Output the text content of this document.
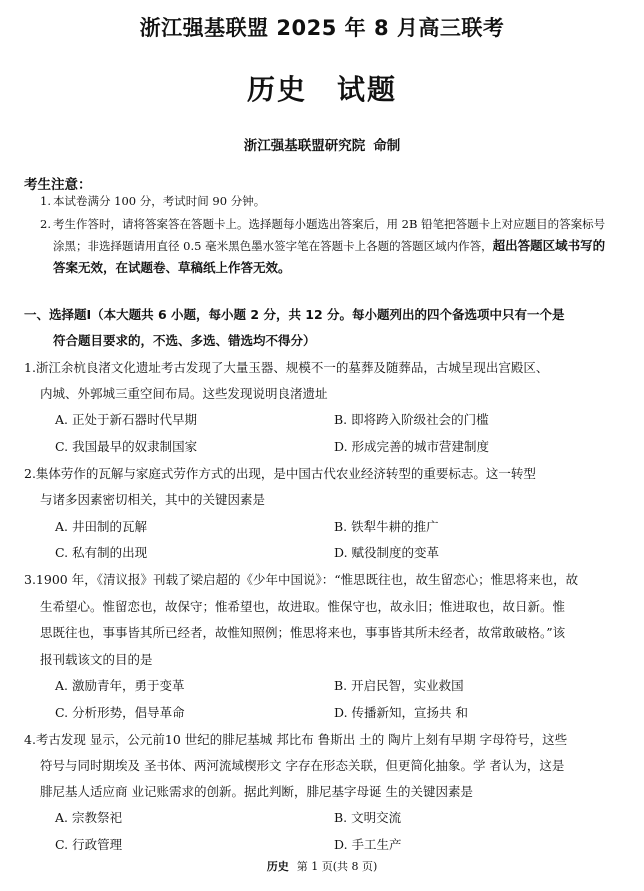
浙江强基联盟 2025 年 8 月高三联考
历史　试题
浙江强基联盟研究院 命制
考生注意：
1. 本试卷满分 100 分，考试时间 90 分钟。
2. 考生作答时，请将答案答在答题卡上。选择题每小题选出答案后，用 2B 铅笔把答题卡上对应题目的答案标号涂黑；非选择题请用直径 0.5 毫米黑色墨水签字笔在答题卡上各题的答题区域内作答，超出答题区域书写的答案无效，在试题卷、草稿纸上作答无效。
一、选择题Ⅰ（本大题共 6 小题，每小题 2 分，共 12 分。每小题列出的四个备选项中只有一个是
符合题目要求的，不选、多选、错选均不得分）
1.浙江余杭良渚文化遗址考古发现了大量玉器、规模不一的墓葬及随葬品，古城呈现出宫殿区、
内城、外郭城三重空间布局。这些发现说明良渚遗址
A. 正处于新石器时代早期	B. 即将跨入阶级社会的门槛
C. 我国最早的奴隶制国家	D. 形成完善的城市营建制度
2.集体劳作的瓦解与家庭式劳作方式的出现，是中国古代农业经济转型的重要标志。这一转型
与诸多因素密切相关，其中的关键因素是
A. 井田制的瓦解	B. 铁犁牛耕的推广
C. 私有制的出现	D. 赋役制度的变革
3.1900 年，《清议报》刊载了梁启超的《少年中国说》：“惟思既往也，故生留恋心；惟思将来也，故
生希望心。惟留恋也，故保守；惟希望也，故进取。惟保守也，故永旧；惟进取也，故日新。惟
思既往也，事事皆其所已经者，故惟知照例；惟思将来也，事事皆其所未经者，故常敢破格。”该
报刊载该文的目的是
A. 激励青年，勇于变革	B. 开启民智，实业救国
C. 分析形势，倡导革命	D. 传播新知，宣扬共 和
4.考古发现 显示，公元前10 世纪的腓尼基城 邦比布 鲁斯出 土的 陶片上刻有早期 字母符号，这些
符号与同时期埃及 圣书体、两河流域楔形文 字存在形态关联，但更简化抽象。学 者认为，这是
腓尼基人适应商 业记账需求的创新。据此判断，腓尼基字母诞 生的关键因素是
A. 宗教祭祀	B. 文明交流
C. 行政管理	D. 手工生产
历史 第 1 页(共 8 页)
